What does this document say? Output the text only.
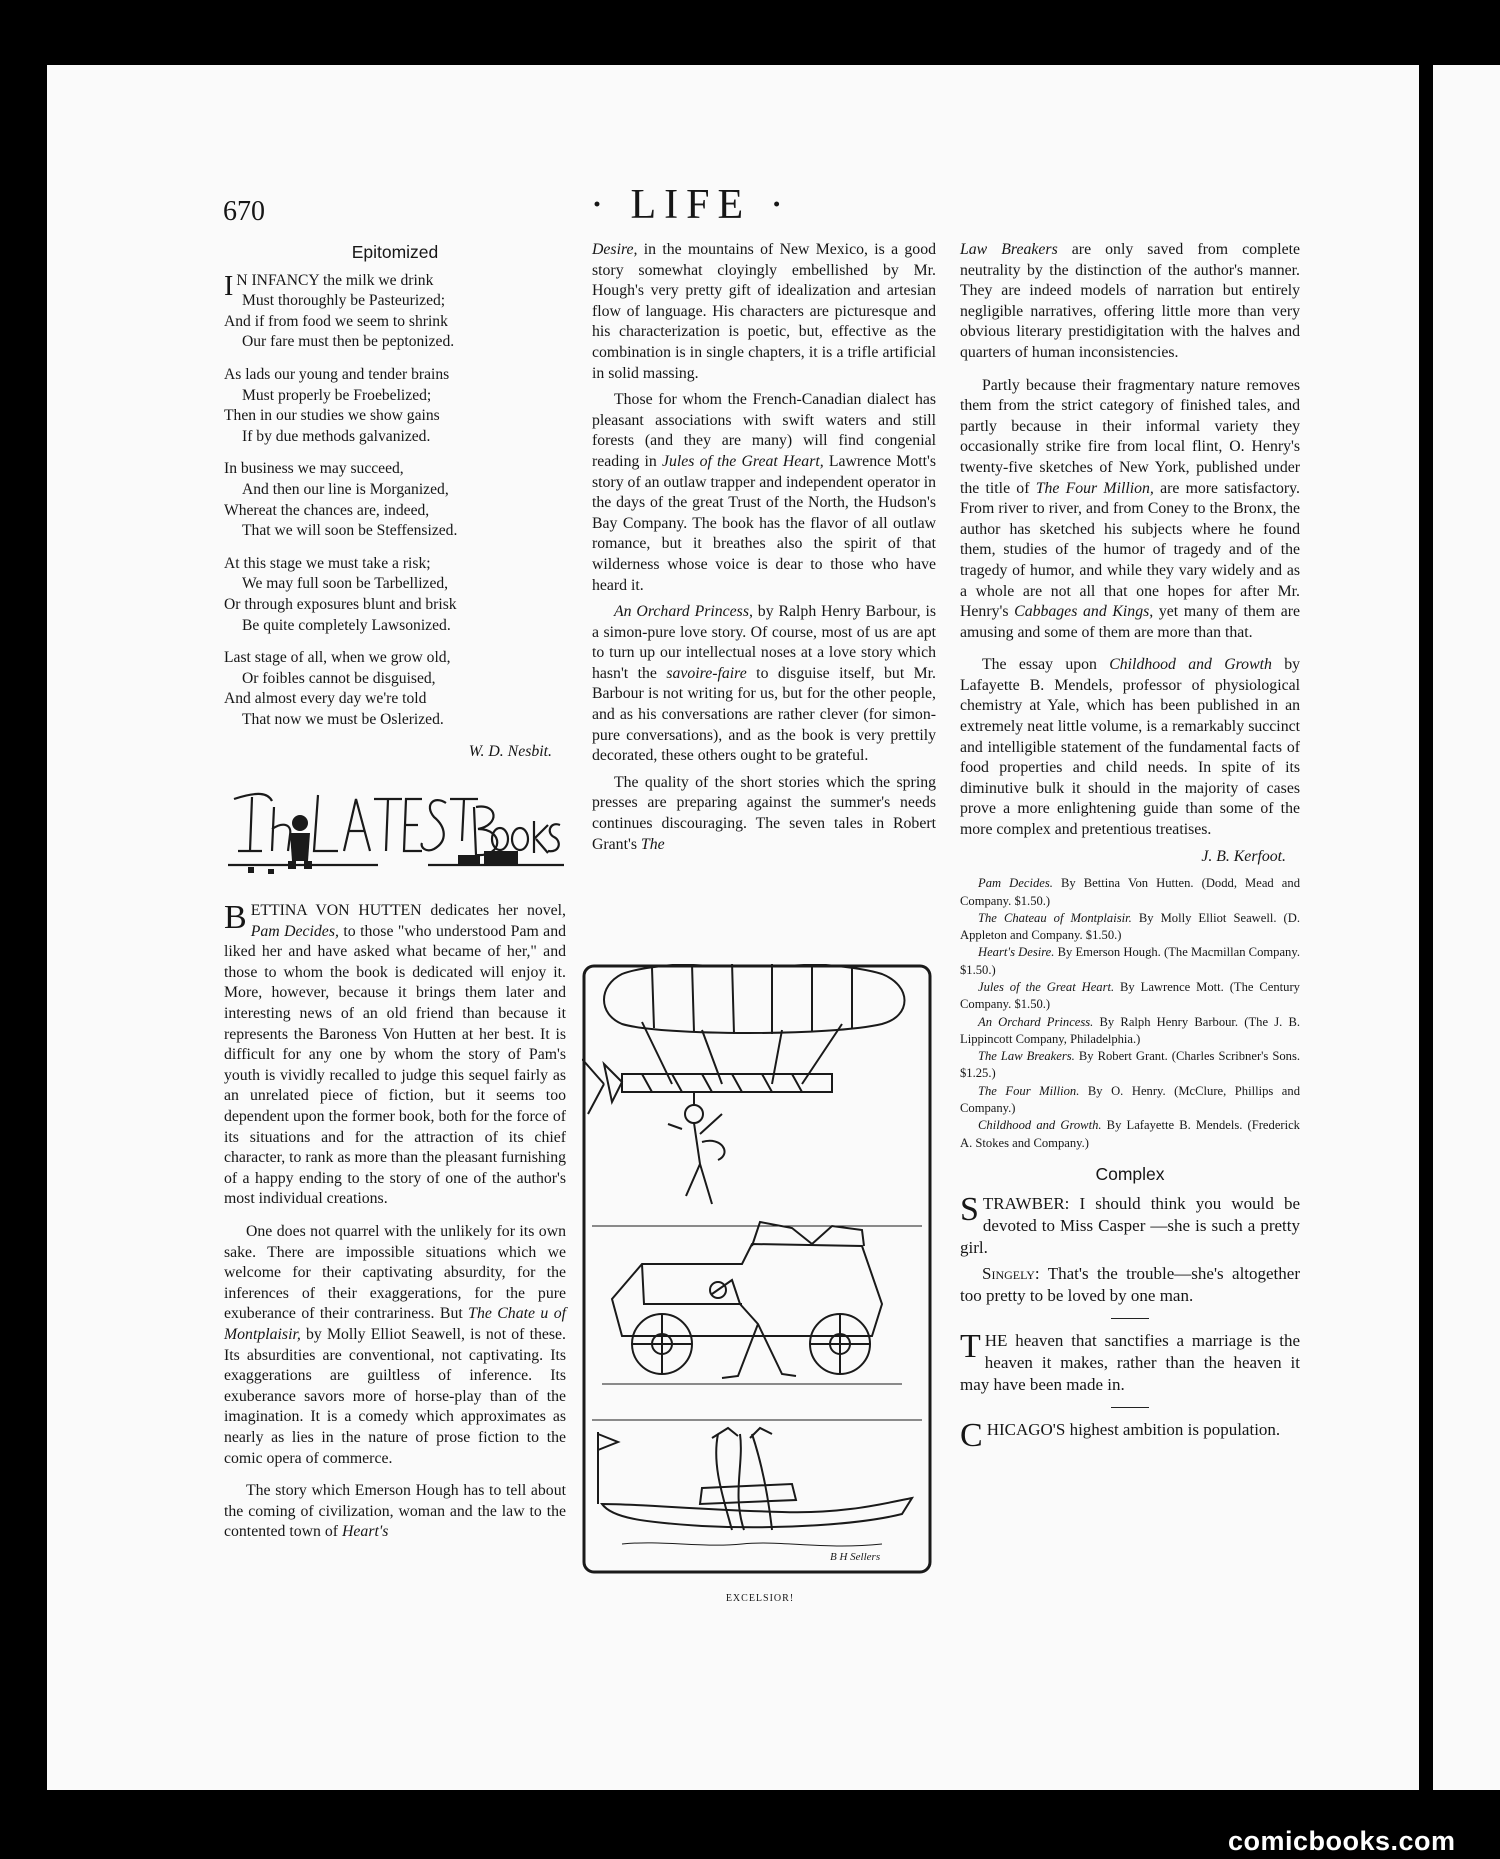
670	· LIFE ·
Epitomized
I N INFANCY the milk we drink
Must thoroughly be Pasteurized;
And if from food we seem to shrink
Our fare must then be peptonized.
As lads our young and tender brains
Must properly be Froebelized;
Then in our studies we show gains
If by due methods galvanized.
In business we may succeed,
And then our line is Morganized,
Whereat the chances are, indeed,
That we will soon be Steffensized.
At this stage we must take a risk;
We may full soon be Tarbellized,
Or through exposures blunt and brisk
Be quite completely Lawsonized.
Last stage of all, when we grow old,
Or foibles cannot be disguised,
And almost every day we're told
That now we must be Oslerized.
W. D. Nesbit.

BETTINA VON HUTTEN dedicates her novel, Pam Decides, to those "who understood Pam and liked her and have asked what became of her," and those to whom the book is dedicated will enjoy it. More, however, because it brings them later and interesting news of an old friend than because it represents the Baroness Von Hutten at her best. It is difficult for any one by whom the story of Pam's youth is vividly recalled to judge this sequel fairly as an unrelated piece of fiction, but it seems too dependent upon the former book, both for the force of its situations and for the attraction of its chief character, to rank as more than the pleasant furnishing of a happy ending to the story of one of the author's most individual creations.

One does not quarrel with the unlikely for its own sake. There are impossible situations which we welcome for their captivating absurdity, for the inferences of their exaggerations, for the pure exuberance of their contrariness. But The Chate u of Montplaisir, by Molly Elliot Seawell, is not of these. Its absurdities are conventional, not captivating. Its exaggerations are guiltless of inference. Its exuberance savors more of horse-play than of the imagination. It is a comedy which approximates as nearly as lies in the nature of prose fiction to the comic opera of commerce.

The story which Emerson Hough has to tell about the coming of civilization, woman and the law to the contented town of Heart's

Desire, in the mountains of New Mexico, is a good story somewhat cloyingly embellished by Mr. Hough's very pretty gift of idealization and artesian flow of language. His characters are picturesque and his characterization is poetic, but, effective as the combination is in single chapters, it is a trifle artificial in solid massing.

Those for whom the French-Canadian dialect has pleasant associations with swift waters and still forests (and they are many) will find congenial reading in Jules of the Great Heart, Lawrence Mott's story of an outlaw trapper and independent operator in the days of the great Trust of the North, the Hudson's Bay Company. The book has the flavor of all outlaw romance, but it breathes also the spirit of that wilderness whose voice is dear to those who have heard it.

An Orchard Princess, by Ralph Henry Barbour, is a simon-pure love story. Of course, most of us are apt to turn up our intellectual noses at a love story which hasn't the savoire-faire to disguise itself, but Mr. Barbour is not writing for us, but for the other people, and as his conversations are rather clever (for simon-pure conversations), and as the book is very prettily decorated, these others ought to be grateful.

The quality of the short stories which the spring presses are preparing against the summer's needs continues discouraging. The seven tales in Robert Grant's The

B H Sellers
EXCELSIOR!

Law Breakers are only saved from complete neutrality by the distinction of the author's manner. They are indeed models of narration but entirely negligible narratives, offering little more than very obvious literary prestidigitation with the halves and quarters of human inconsistencies.

Partly because their fragmentary nature removes them from the strict category of finished tales, and partly because in their informal variety they occasionally strike fire from local flint, O. Henry's twenty-five sketches of New York, published under the title of The Four Million, are more satisfactory. From river to river, and from Coney to the Bronx, the author has sketched his subjects where he found them, studies of the humor of tragedy and of the tragedy of humor, and while they vary widely and as a whole are not all that one hopes for after Mr. Henry's Cabbages and Kings, yet many of them are amusing and some of them are more than that.

The essay upon Childhood and Growth by Lafayette B. Mendels, professor of physiological chemistry at Yale, which has been published in an extremely neat little volume, is a remarkably succinct and intelligible statement of the fundamental facts of food properties and child needs. In spite of its diminutive bulk it should in the majority of cases prove a more enlightening guide than some of the more complex and pretentious treatises.

J. B. Kerfoot.

Pam Decides. By Bettina Von Hutten. (Dodd, Mead and Company. $1.50.)

The Chateau of Montplaisir. By Molly Elliot Seawell. (D. Appleton and Company. $1.50.)

Heart's Desire. By Emerson Hough. (The Macmillan Company. $1.50.)

Jules of the Great Heart. By Lawrence Mott. (The Century Company. $1.50.)

An Orchard Princess. By Ralph Henry Barbour. (The J. B. Lippincott Company, Philadelphia.)

The Law Breakers. By Robert Grant. (Charles Scribner's Sons. $1.25.)

The Four Million. By O. Henry. (McClure, Phillips and Company.)

Childhood and Growth. By Lafayette B. Mendels. (Frederick A. Stokes and Company.)

Complex

STRAWBER: I should think you would be devoted to Miss Casper —she is such a pretty girl.

Singely: That's the trouble—she's altogether too pretty to be loved by one man.

THE heaven that sanctifies a marriage is the heaven it makes, rather than the heaven it may have been made in.

CHICAGO'S highest ambition is population.

comicbooks.com
